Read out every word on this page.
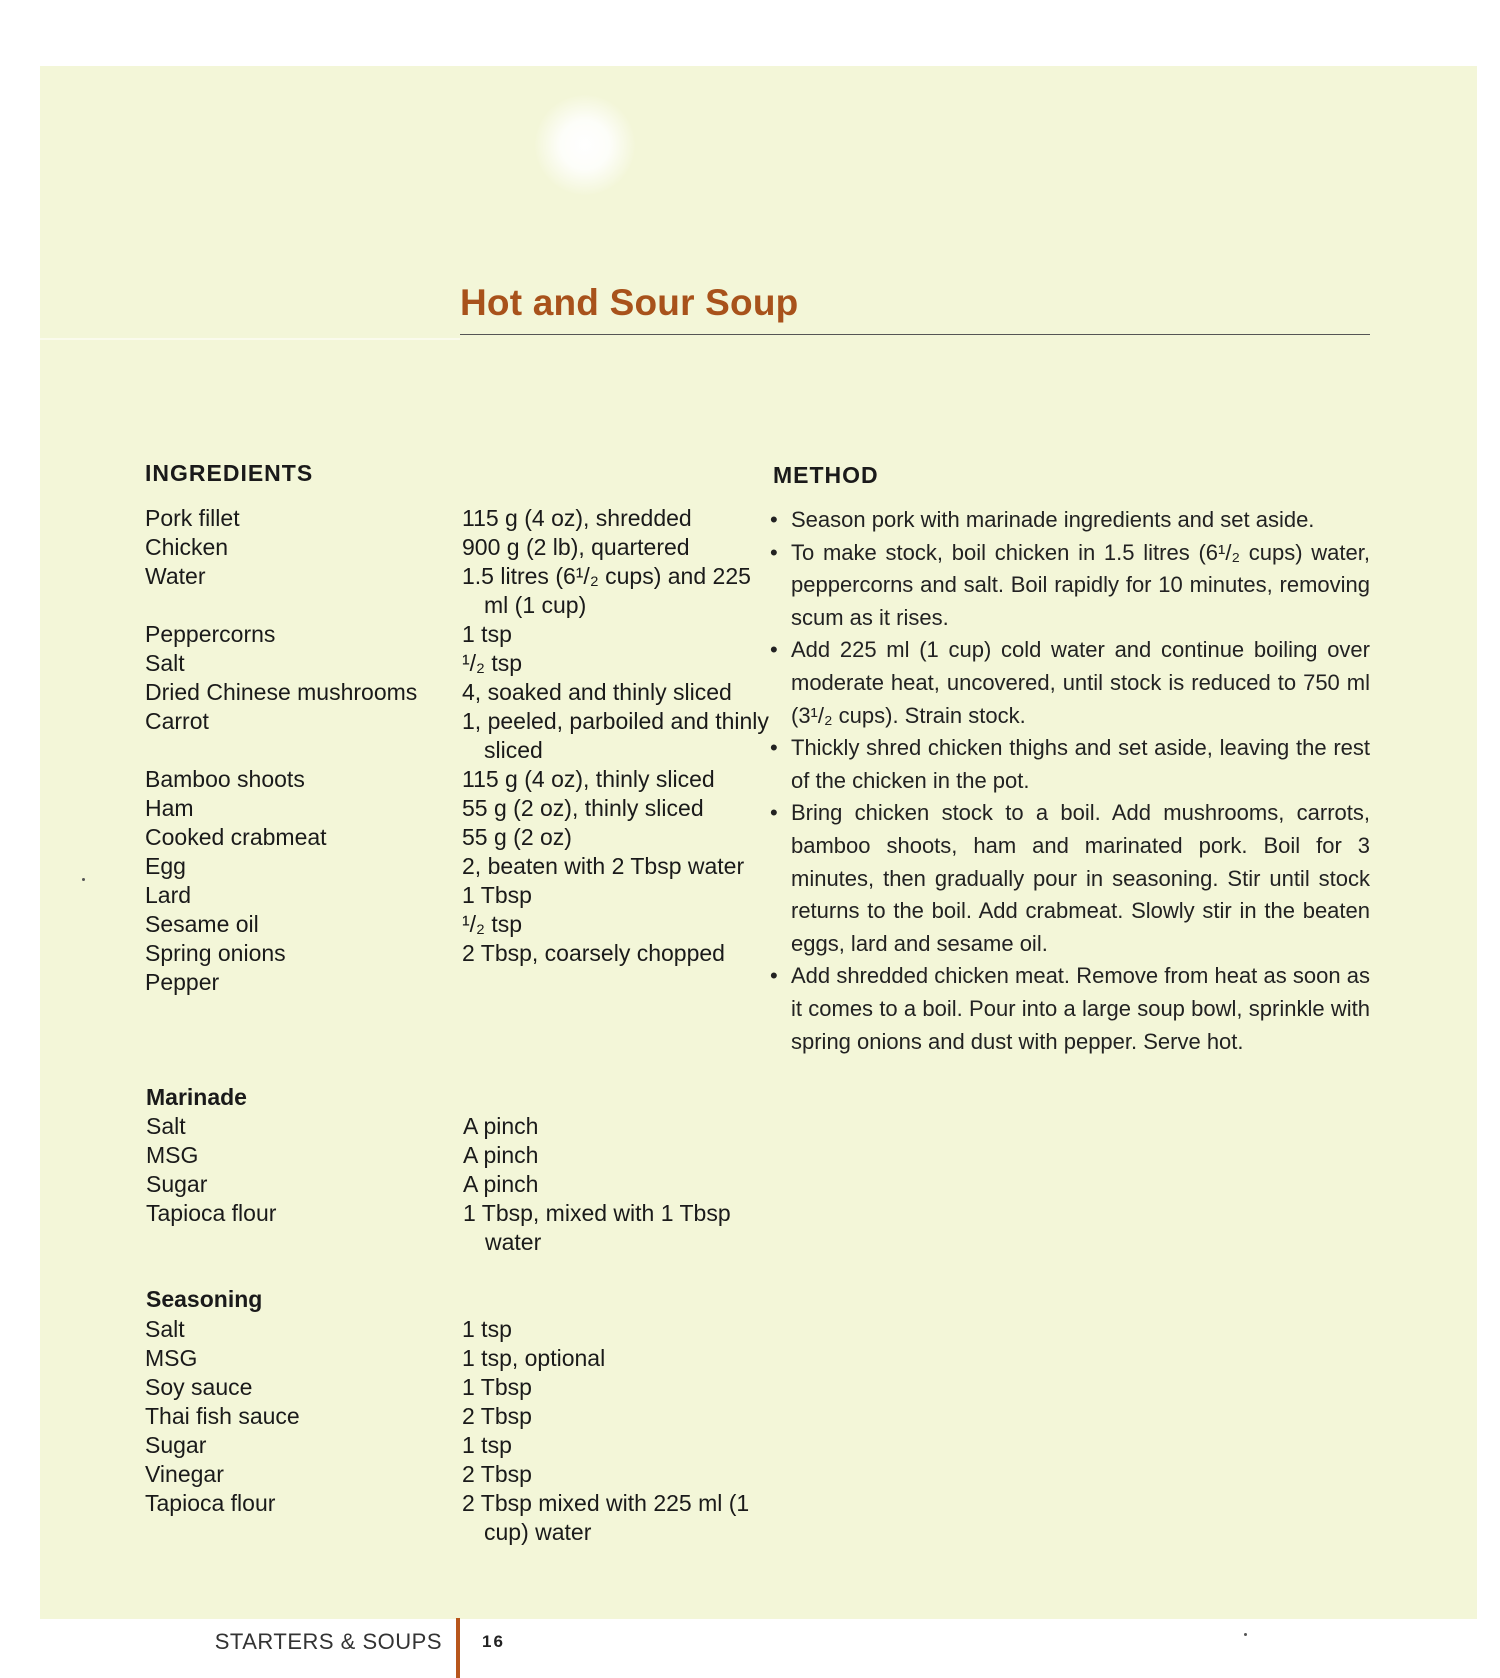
Hot and Sour Soup
INGREDIENTS	METHOD
Pork fillet	115 g (4 oz), shredded
Chicken	900 g (2 lb), quartered
Water	1.5 litres (6¹/₂ cups) and 225 ml (1 cup)
Peppercorns	1 tsp
Salt	¹/₂ tsp
Dried Chinese mushrooms 4, soaked and thinly sliced
Carrot	1, peeled, parboiled and thinly sliced
Bamboo shoots	115 g (4 oz), thinly sliced
Ham	55 g (2 oz), thinly sliced
Cooked crabmeat	55 g (2 oz)
Egg	2, beaten with 2 Tbsp water
Lard	1 Tbsp
Sesame oil	¹/₂ tsp
Spring onions	2 Tbsp, coarsely chopped
Pepper
Marinade
Salt	A pinch
MSG	A pinch
Sugar	A pinch
Tapioca flour	1 Tbsp, mixed with 1 Tbsp water
Seasoning
Salt	1 tsp
MSG	1 tsp, optional
Soy sauce	1 Tbsp
Thai fish sauce	2 Tbsp
Sugar	1 tsp
Vinegar	2 Tbsp
Tapioca flour	2 Tbsp mixed with 225 ml (1 cup) water
• Season pork with marinade ingredients and set aside.
• To make stock, boil chicken in 1.5 litres (6¹/₂ cups) water, peppercorns and salt. Boil rapidly for 10 minutes, removing scum as it rises.
• Add 225 ml (1 cup) cold water and continue boiling over moderate heat, uncovered, until stock is reduced to 750 ml (3¹/₂ cups). Strain stock.
• Thickly shred chicken thighs and set aside, leaving the rest of the chicken in the pot.
• Bring chicken stock to a boil. Add mushrooms, carrots, bamboo shoots, ham and marinated pork. Boil for 3 minutes, then gradually pour in seasoning. Stir until stock returns to the boil. Add crabmeat. Slowly stir in the beaten eggs, lard and sesame oil.
• Add shredded chicken meat. Remove from heat as soon as it comes to a boil. Pour into a large soup bowl, sprinkle with spring onions and dust with pepper. Serve hot.
STARTERS & SOUPS 16
